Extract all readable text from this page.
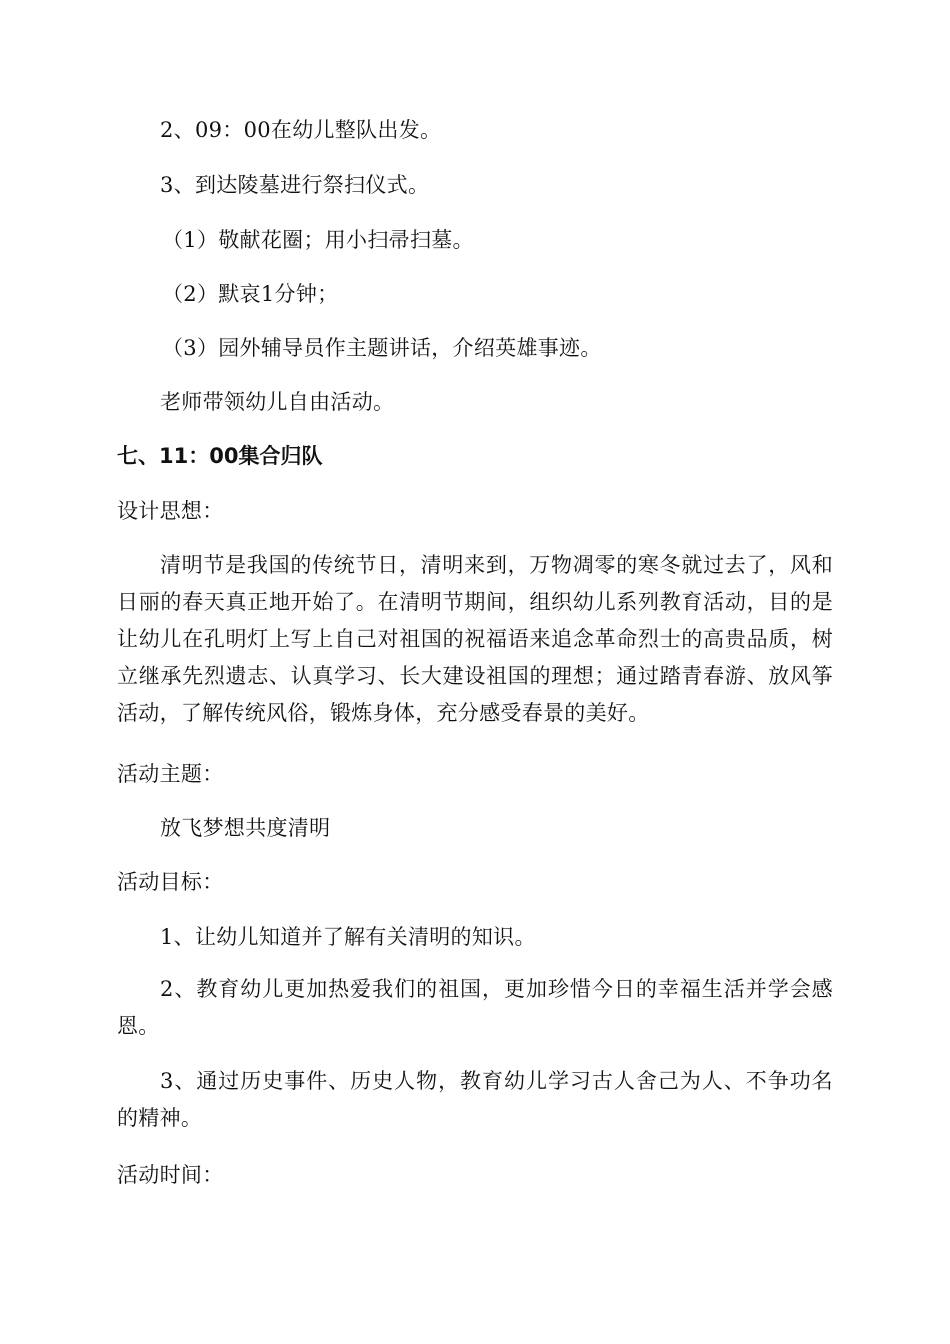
2、09：00在幼儿整队出发。
3、到达陵墓进行祭扫仪式。
（1）敬献花圈；用小扫帚扫墓。
（2）默哀1分钟；
（3）园外辅导员作主题讲话，介绍英雄事迹。
老师带领幼儿自由活动。
七、11：00集合归队
设计思想：
清明节是我国的传统节日，清明来到，万物凋零的寒冬就过去了，风和日丽的春天真正地开始了。在清明节期间，组织幼儿系列教育活动，目的是让幼儿在孔明灯上写上自己对祖国的祝福语来追念革命烈士的高贵品质，树立继承先烈遗志、认真学习、长大建设祖国的理想；通过踏青春游、放风筝活动，了解传统风俗，锻炼身体，充分感受春景的美好。
活动主题：
放飞梦想共度清明
活动目标：
1、让幼儿知道并了解有关清明的知识。
2、教育幼儿更加热爱我们的祖国，更加珍惜今日的幸福生活并学会感恩。
3、通过历史事件、历史人物，教育幼儿学习古人舍己为人、不争功名的精神。
活动时间：
